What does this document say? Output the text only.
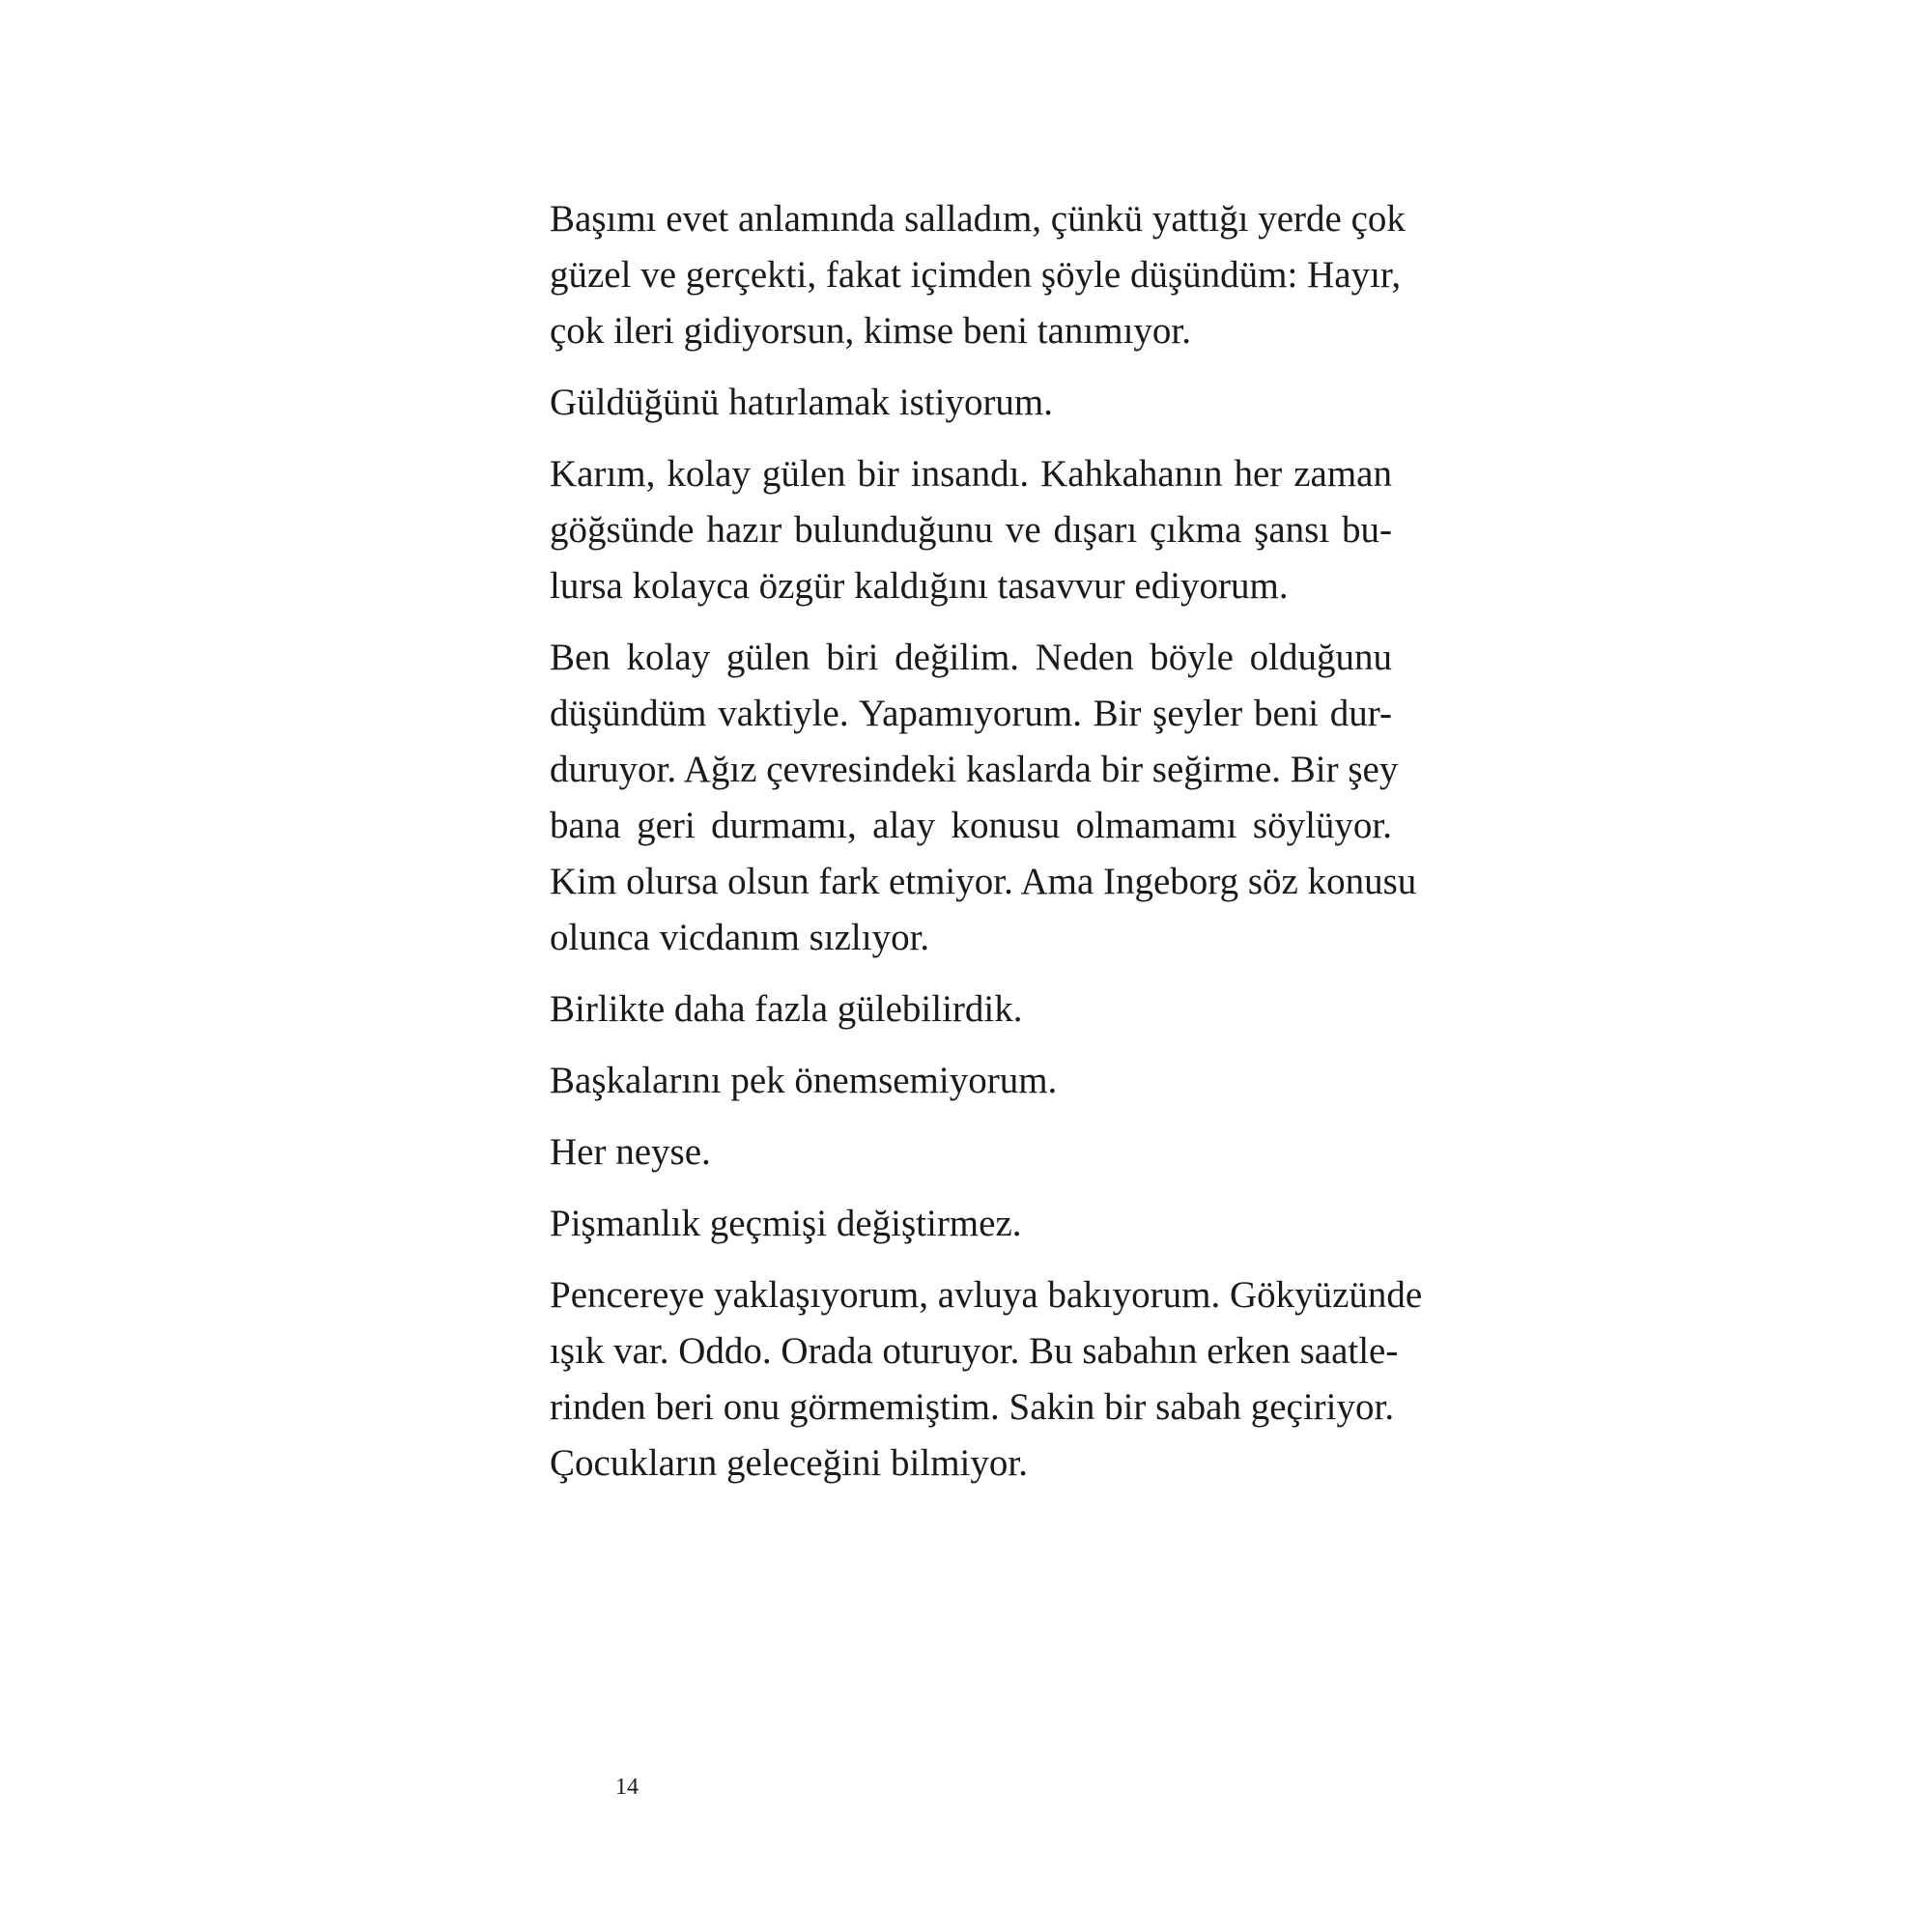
Başımı evet anlamında salladım, çünkü yattığı yerde çok
güzel ve gerçekti, fakat içimden şöyle düşündüm: Hayır,
çok ileri gidiyorsun, kimse beni tanımıyor.

Güldüğünü hatırlamak istiyorum.

Karım, kolay gülen bir insandı. Kahkahanın her zaman
göğsünde hazır bulunduğunu ve dışarı çıkma şansı bu-
lursa kolayca özgür kaldığını tasavvur ediyorum.

Ben kolay gülen biri değilim. Neden böyle olduğunu
düşündüm vaktiyle. Yapamıyorum. Bir şeyler beni dur-
duruyor. Ağız çevresindeki kaslarda bir seğirme. Bir şey
bana geri durmamı, alay konusu olmamamı söylüyor.
Kim olursa olsun fark etmiyor. Ama Ingeborg söz konusu
olunca vicdanım sızlıyor.

Birlikte daha fazla gülebilirdik.

Başkalarını pek önemsemiyorum.

Her neyse.

Pişmanlık geçmişi değiştirmez.

Pencereye yaklaşıyorum, avluya bakıyorum. Gökyüzünde
ışık var. Oddo. Orada oturuyor. Bu sabahın erken saatle-
rinden beri onu görmemiştim. Sakin bir sabah geçiriyor.
Çocukların geleceğini bilmiyor.

14
